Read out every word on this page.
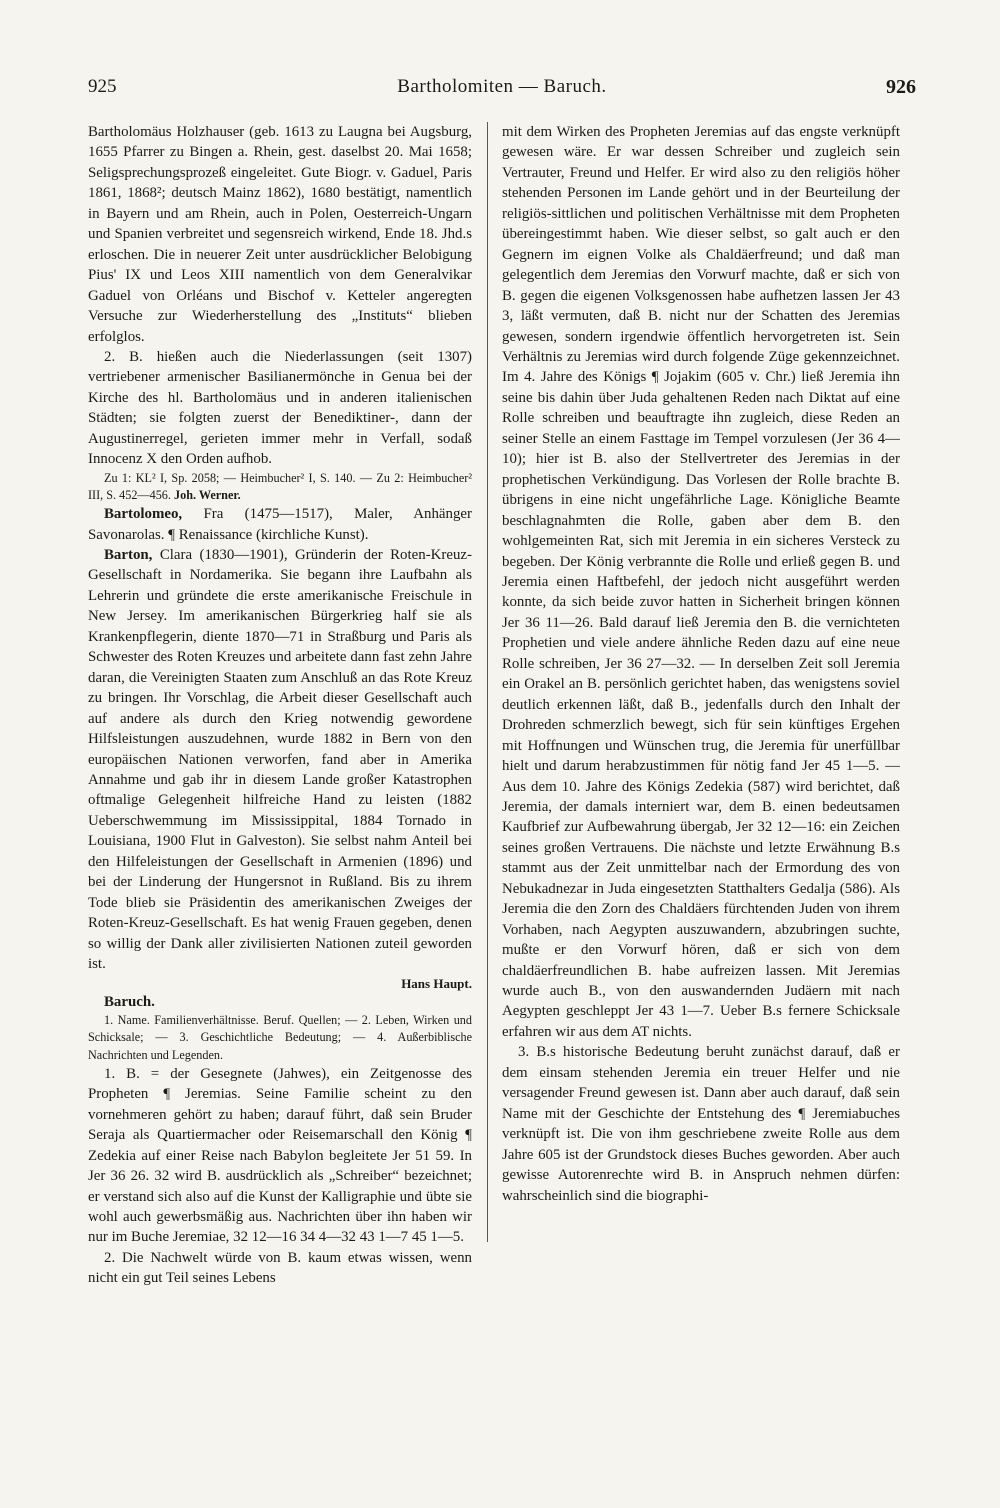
925	Bartholomiten — Baruch.	926

Bartholomäus Holzhauser (geb. 1613 zu Laugna bei Augsburg, 1655 Pfarrer zu Bingen a. Rhein, gest. daselbst 20. Mai 1658; Seligsprechungsprozeß eingeleitet. Gute Biogr. v. Gaduel, Paris 1861, 1868²; deutsch Mainz 1862), 1680 bestätigt, namentlich in Bayern und am Rhein, auch in Polen, Oesterreich-Ungarn und Spanien verbreitet und segensreich wirkend, Ende 18. Jhd.s erloschen. Die in neuerer Zeit unter ausdrücklicher Belobigung Pius' IX und Leos XIII namentlich von dem Generalvikar Gaduel von Orléans und Bischof v. Ketteler angeregten Versuche zur Wiederherstellung des „Instituts“ blieben erfolglos.

2. B. hießen auch die Niederlassungen (seit 1307) vertriebener armenischer Basilianermönche in Genua bei der Kirche des hl. Bartholomäus und in anderen italienischen Städten; sie folgten zuerst der Benediktiner-, dann der Augustinerregel, gerieten immer mehr in Verfall, sodaß Innocenz X den Orden aufhob.

Zu 1: KL² I, Sp. 2058; — Heimbucher² I, S. 140. — Zu 2: Heimbucher² III, S. 452—456. Joh. Werner.

Bartolomeo, Fra (1475—1517), Maler, Anhänger Savonarolas. ¶ Renaissance (kirchliche Kunst).

Barton, Clara (1830—1901), Gründerin der Roten-Kreuz-Gesellschaft in Nordamerika. Sie begann ihre Laufbahn als Lehrerin und gründete die erste amerikanische Freischule in New Jersey. Im amerikanischen Bürgerkrieg half sie als Krankenpflegerin, diente 1870—71 in Straßburg und Paris als Schwester des Roten Kreuzes und arbeitete dann fast zehn Jahre daran, die Vereinigten Staaten zum Anschluß an das Rote Kreuz zu bringen. Ihr Vorschlag, die Arbeit dieser Gesellschaft auch auf andere als durch den Krieg notwendig gewordene Hilfsleistungen auszudehnen, wurde 1882 in Bern von den europäischen Nationen verworfen, fand aber in Amerika Annahme und gab ihr in diesem Lande großer Katastrophen oftmalige Gelegenheit hilfreiche Hand zu leisten (1882 Ueberschwemmung im Mississippital, 1884 Tornado in Louisiana, 1900 Flut in Galveston). Sie selbst nahm Anteil bei den Hilfeleistungen der Gesellschaft in Armenien (1896) und bei der Linderung der Hungersnot in Rußland. Bis zu ihrem Tode blieb sie Präsidentin des amerikanischen Zweiges der Roten-Kreuz-Gesellschaft. Es hat wenig Frauen gegeben, denen so willig der Dank aller zivilisierten Nationen zuteil geworden ist.

Hans Haupt.

Baruch.

1. Name. Familienverhältnisse. Beruf. Quellen; — 2. Leben, Wirken und Schicksale; — 3. Geschichtliche Bedeutung; — 4. Außerbiblische Nachrichten und Legenden.

1. B. = der Gesegnete (Jahwes), ein Zeitgenosse des Propheten ¶ Jeremias. Seine Familie scheint zu den vornehmeren gehört zu haben; darauf führt, daß sein Bruder Seraja als Quartiermacher oder Reisemarschall den König ¶ Zedekia auf einer Reise nach Babylon begleitete Jer 51 59. In Jer 36 26. 32 wird B. ausdrücklich als „Schreiber“ bezeichnet; er verstand sich also auf die Kunst der Kalligraphie und übte sie wohl auch gewerbsmäßig aus. Nachrichten über ihn haben wir nur im Buche Jeremiae, 32 12—16 34 4—32 43 1—7 45 1—5.

2. Die Nachwelt würde von B. kaum etwas wissen, wenn nicht ein gut Teil seines Lebens

mit dem Wirken des Propheten Jeremias auf das engste verknüpft gewesen wäre. Er war dessen Schreiber und zugleich sein Vertrauter, Freund und Helfer. Er wird also zu den religiös höher stehenden Personen im Lande gehört und in der Beurteilung der religiös-sittlichen und politischen Verhältnisse mit dem Propheten übereingestimmt haben. Wie dieser selbst, so galt auch er den Gegnern im eignen Volke als Chaldäerfreund; und daß man gelegentlich dem Jeremias den Vorwurf machte, daß er sich von B. gegen die eigenen Volksgenossen habe aufhetzen lassen Jer 43 3, läßt vermuten, daß B. nicht nur der Schatten des Jeremias gewesen, sondern irgendwie öffentlich hervorgetreten ist. Sein Verhältnis zu Jeremias wird durch folgende Züge gekennzeichnet. Im 4. Jahre des Königs ¶ Jojakim (605 v. Chr.) ließ Jeremia ihn seine bis dahin über Juda gehaltenen Reden nach Diktat auf eine Rolle schreiben und beauftragte ihn zugleich, diese Reden an seiner Stelle an einem Fasttage im Tempel vorzulesen (Jer 36 4—10); hier ist B. also der Stellvertreter des Jeremias in der prophetischen Verkündigung. Das Vorlesen der Rolle brachte B. übrigens in eine nicht ungefährliche Lage. Königliche Beamte beschlagnahmten die Rolle, gaben aber dem B. den wohlgemeinten Rat, sich mit Jeremia in ein sicheres Versteck zu begeben. Der König verbrannte die Rolle und erließ gegen B. und Jeremia einen Haftbefehl, der jedoch nicht ausgeführt werden konnte, da sich beide zuvor hatten in Sicherheit bringen können Jer 36 11—26. Bald darauf ließ Jeremia den B. die vernichteten Prophetien und viele andere ähnliche Reden dazu auf eine neue Rolle schreiben, Jer 36 27—32. — In derselben Zeit soll Jeremia ein Orakel an B. persönlich gerichtet haben, das wenigstens soviel deutlich erkennen läßt, daß B., jedenfalls durch den Inhalt der Drohreden schmerzlich bewegt, sich für sein künftiges Ergehen mit Hoffnungen und Wünschen trug, die Jeremia für unerfüllbar hielt und darum herabzustimmen für nötig fand Jer 45 1—5. — Aus dem 10. Jahre des Königs Zedekia (587) wird berichtet, daß Jeremia, der damals interniert war, dem B. einen bedeutsamen Kaufbrief zur Aufbewahrung übergab, Jer 32 12—16: ein Zeichen seines großen Vertrauens. Die nächste und letzte Erwähnung B.s stammt aus der Zeit unmittelbar nach der Ermordung des von Nebukadnezar in Juda eingesetzten Statthalters Gedalja (586). Als Jeremia die den Zorn des Chaldäers fürchtenden Juden von ihrem Vorhaben, nach Aegypten auszuwandern, abzubringen suchte, mußte er den Vorwurf hören, daß er sich von dem chaldäerfreundlichen B. habe aufreizen lassen. Mit Jeremias wurde auch B., von den auswandernden Judäern mit nach Aegypten geschleppt Jer 43 1—7. Ueber B.s fernere Schicksale erfahren wir aus dem AT nichts.

3. B.s historische Bedeutung beruht zunächst darauf, daß er dem einsam stehenden Jeremia ein treuer Helfer und nie versagender Freund gewesen ist. Dann aber auch darauf, daß sein Name mit der Geschichte der Entstehung des ¶ Jeremiabuches verknüpft ist. Die von ihm geschriebene zweite Rolle aus dem Jahre 605 ist der Grundstock dieses Buches geworden. Aber auch gewisse Autorenrechte wird B. in Anspruch nehmen dürfen: wahrscheinlich sind die biographi-
